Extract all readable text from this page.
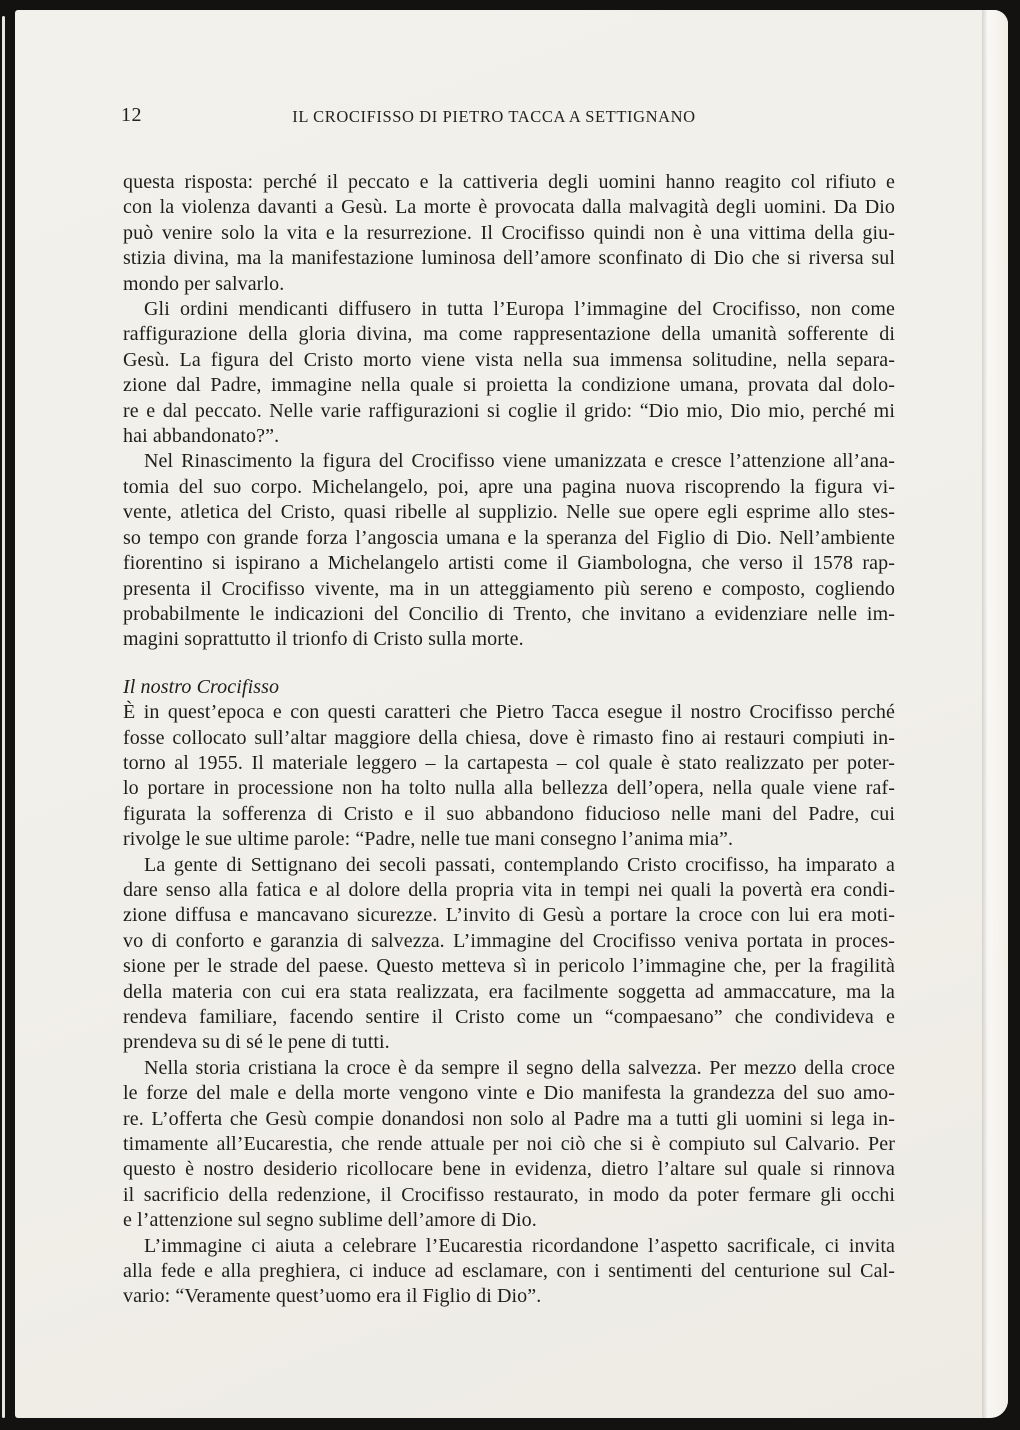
12	IL CROCIFISSO DI PIETRO TACCA A SETTIGNANO
questa risposta: perché il peccato e la cattiveria degli uomini hanno reagito col rifiuto e
con la violenza davanti a Gesù. La morte è provocata dalla malvagità degli uomini. Da Dio
può venire solo la vita e la resurrezione. Il Crocifisso quindi non è una vittima della giu-
stizia divina, ma la manifestazione luminosa dell’amore sconfinato di Dio che si riversa sul
mondo per salvarlo.
Gli ordini mendicanti diffusero in tutta l’Europa l’immagine del Crocifisso, non come
raffigurazione della gloria divina, ma come rappresentazione della umanità sofferente di
Gesù. La figura del Cristo morto viene vista nella sua immensa solitudine, nella separa-
zione dal Padre, immagine nella quale si proietta la condizione umana, provata dal dolo-
re e dal peccato. Nelle varie raffigurazioni si coglie il grido: “Dio mio, Dio mio, perché mi
hai abbandonato?”.
Nel Rinascimento la figura del Crocifisso viene umanizzata e cresce l’attenzione all’ana-
tomia del suo corpo. Michelangelo, poi, apre una pagina nuova riscoprendo la figura vi-
vente, atletica del Cristo, quasi ribelle al supplizio. Nelle sue opere egli esprime allo stes-
so tempo con grande forza l’angoscia umana e la speranza del Figlio di Dio. Nell’ambiente
fiorentino si ispirano a Michelangelo artisti come il Giambologna, che verso il 1578 rap-
presenta il Crocifisso vivente, ma in un atteggiamento più sereno e composto, cogliendo
probabilmente le indicazioni del Concilio di Trento, che invitano a evidenziare nelle im-
magini soprattutto il trionfo di Cristo sulla morte.
Il nostro Crocifisso
È in quest’epoca e con questi caratteri che Pietro Tacca esegue il nostro Crocifisso perché
fosse collocato sull’altar maggiore della chiesa, dove è rimasto fino ai restauri compiuti in-
torno al 1955. Il materiale leggero – la cartapesta – col quale è stato realizzato per poter-
lo portare in processione non ha tolto nulla alla bellezza dell’opera, nella quale viene raf-
figurata la sofferenza di Cristo e il suo abbandono fiducioso nelle mani del Padre, cui
rivolge le sue ultime parole: “Padre, nelle tue mani consegno l’anima mia”.
La gente di Settignano dei secoli passati, contemplando Cristo crocifisso, ha imparato a
dare senso alla fatica e al dolore della propria vita in tempi nei quali la povertà era condi-
zione diffusa e mancavano sicurezze. L’invito di Gesù a portare la croce con lui era moti-
vo di conforto e garanzia di salvezza. L’immagine del Crocifisso veniva portata in proces-
sione per le strade del paese. Questo metteva sì in pericolo l’immagine che, per la fragilità
della materia con cui era stata realizzata, era facilmente soggetta ad ammaccature, ma la
rendeva familiare, facendo sentire il Cristo come un “compaesano” che condivideva e
prendeva su di sé le pene di tutti.
Nella storia cristiana la croce è da sempre il segno della salvezza. Per mezzo della croce
le forze del male e della morte vengono vinte e Dio manifesta la grandezza del suo amo-
re. L’offerta che Gesù compie donandosi non solo al Padre ma a tutti gli uomini si lega in-
timamente all’Eucarestia, che rende attuale per noi ciò che si è compiuto sul Calvario. Per
questo è nostro desiderio ricollocare bene in evidenza, dietro l’altare sul quale si rinnova
il sacrificio della redenzione, il Crocifisso restaurato, in modo da poter fermare gli occhi
e l’attenzione sul segno sublime dell’amore di Dio.
L’immagine ci aiuta a celebrare l’Eucarestia ricordandone l’aspetto sacrificale, ci invita
alla fede e alla preghiera, ci induce ad esclamare, con i sentimenti del centurione sul Cal-
vario: “Veramente quest’uomo era il Figlio di Dio”.
